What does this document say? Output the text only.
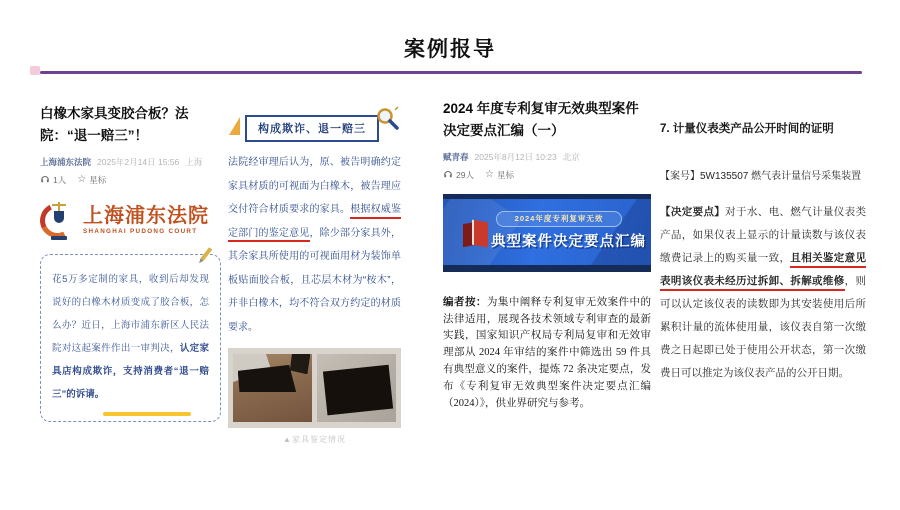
案例报导
白橡木家具变胶合板？法院：“退一赔三”！
上海浦东法院 2025年2月14日 15:56 上海
1人 ☆ 星标
上海浦东法院
SHANGHAI PUDONG COURT
花5万多定制的家具，收到后却发现说好的白橡木材质变成了胶合板，怎么办？近日，上海市浦东新区人民法院对这起案件作出一审判决，认定家具店构成欺诈，支持消费者“退一赔三”的诉请。
构成欺诈、退一赔三
法院经审理后认为，原、被告明确约定家具材质的可视面为白橡木，被告理应交付符合材质要求的家具。根据权威鉴定部门的鉴定意见，除少部分家具外，其余家具所使用的可视面用材为装饰单板贴面胶合板，且芯层木材为“桉木”，并非白橡木，均不符合双方约定的材质要求。
▲家具鉴定情况
2024 年度专利复审无效典型案件决定要点汇编（一）
赋青春 2025年8月12日 10:23 北京
29人 ☆ 星标
2024年度专利复审无效
典型案件决定要点汇编
编者按：为集中阐释专利复审无效案件中的法律适用，展现各技术领域专利审查的最新实践，国家知识产权局专利局复审和无效审理部从 2024 年审结的案件中筛选出 59 件具有典型意义的案件，提炼 72 条决定要点，发布《专利复审无效典型案件决定要点汇编（2024）》，供业界研究与参考。
7. 计量仪表类产品公开时间的证明
【案号】5W135507 燃气表计量信号采集装置
【决定要点】对于水、电、燃气计量仪表类产品，如果仪表上显示的计量读数与该仪表缴费记录上的购买量一致，且相关鉴定意见表明该仪表未经历过拆卸、拆解或维修，则可以认定该仪表的读数即为其安装使用后所累积计量的流体使用量，该仪表自第一次缴费之日起即已处于使用公开状态，第一次缴费日可以推定为该仪表产品的公开日期。
